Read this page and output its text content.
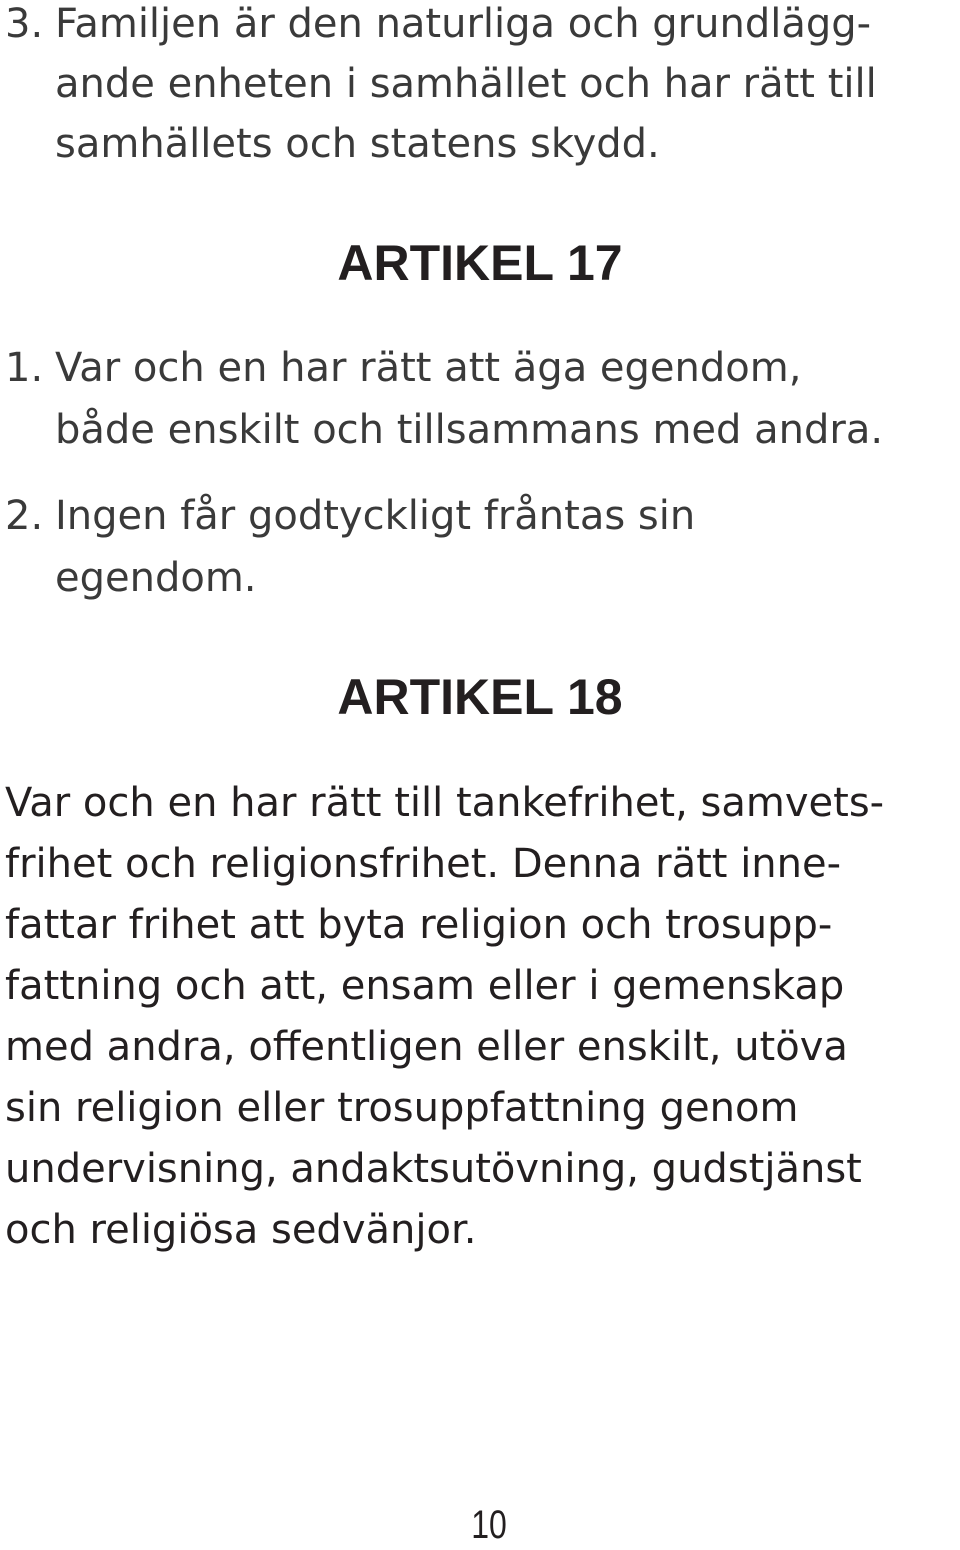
3. Familjen är den naturliga och grundlägg-

ande enheten i samhället och har rätt till

samhällets och statens skydd.

ARTIKEL 17

1. Var och en har rätt att äga egendom,

både enskilt och tillsammans med andra.

2. Ingen får godtyckligt fråntas sin

egendom.

ARTIKEL 18

Var och en har rätt till tankefrihet, samvets-

frihet och religionsfrihet. Denna rätt inne-

fattar frihet att byta religion och trosupp-

fattning och att, ensam eller i gemenskap

med andra, offentligen eller enskilt, utöva

sin religion eller trosuppfattning genom

undervisning, andaktsutövning, gudstjänst

och religiösa sedvänjor.

10
